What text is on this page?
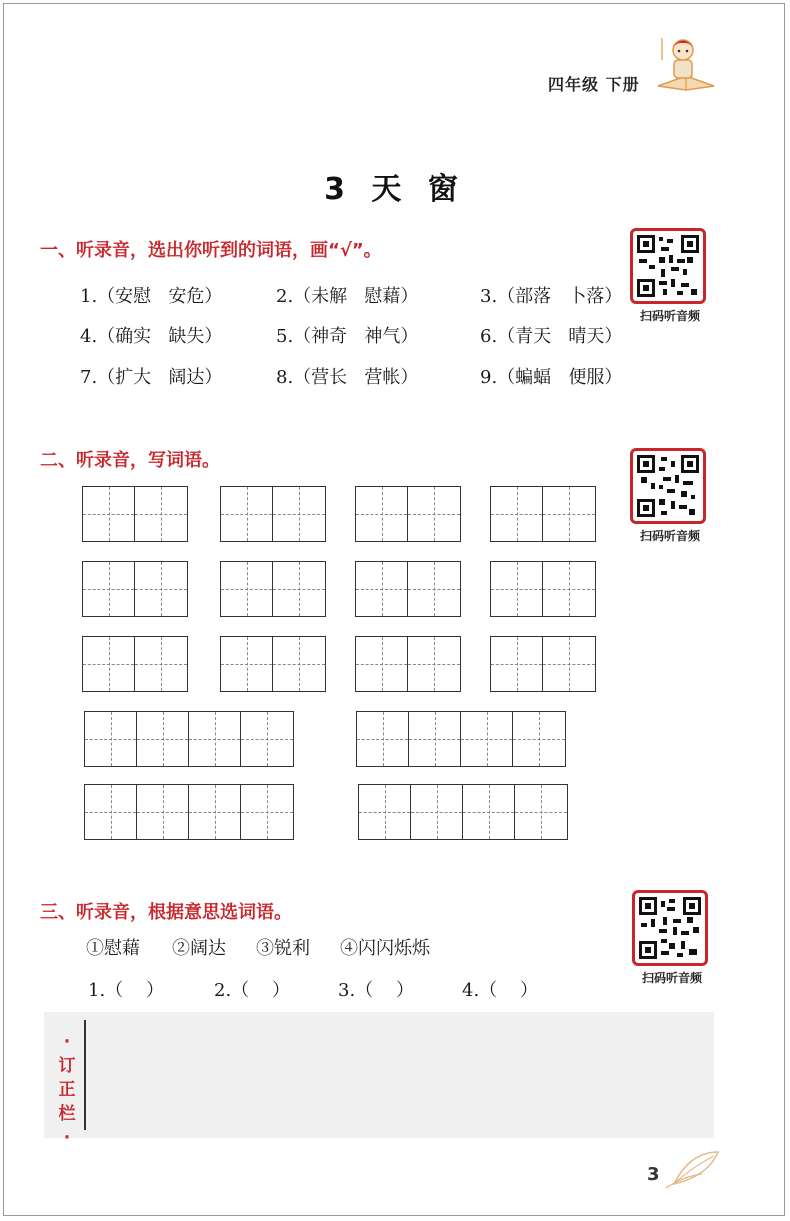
四年级 下册
3 天 窗
一、听录音，选出你听到的词语，画“√”。
1.（安慰   安危）	2.（未解   慰藉）	3.（部落   卜落）
4.（确实   缺失）	5.（神奇   神气）	6.（青天   晴天）
7.（扩大   阔达）	8.（营长   营帐）	9.（蝙蝠   便服）
扫码听音频
二、听录音，写词语。
扫码听音频
三、听录音，根据意思选词语。
①慰藉 ②阔达 ③锐利 ④闪闪烁烁
1.（    ）	2.（    ）	3.（    ）	4.（    ）
扫码听音频
·
订
正
栏
·
3
